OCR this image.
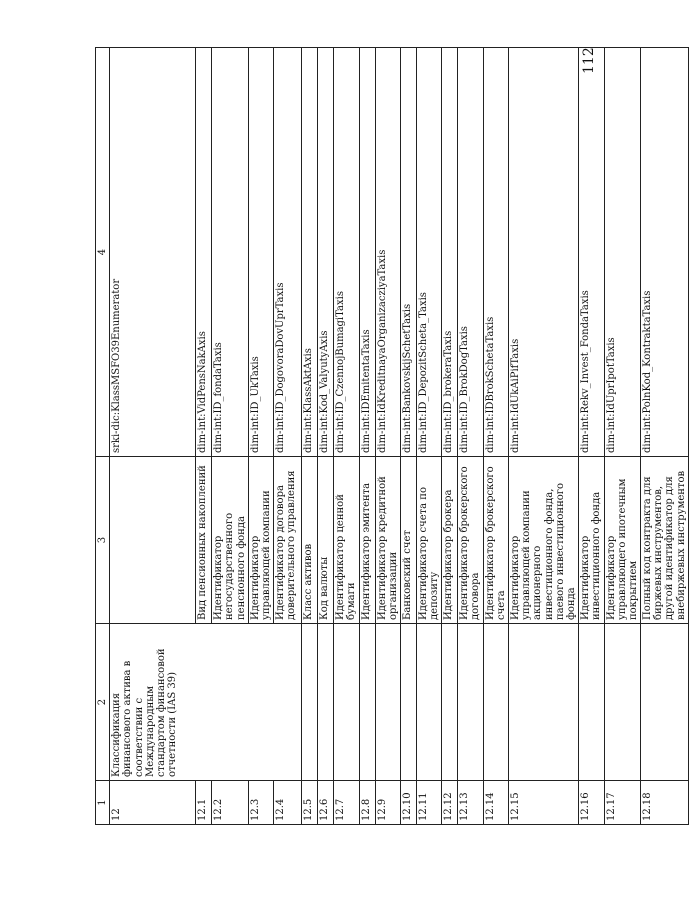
1	2	3	4
12	Классификация финансового актива в соответствии с Международным стандартом финансовой отчетности (IAS 39)		srki-dic:KlassMSFO39Enumerator
12.1		Вид пенсионных накоплений	dim-int:VidPensNakAxis
12.2		Идентификатор негосударственного пенсионного фонда	dim-int:ID_fondaTaxis
12.3		Идентификатор управляющей компании	dim-int:ID_UkTaxis
12.4		Идентификатор договора доверительного управления	dim-int:ID_DogovoraDovUprTaxis
12.5		Класс активов	dim-int:KlassAktAxis
12.6		Код валюты	dim-int:Kod_ValyutyAxis
12.7		Идентификатор ценной бумаги	dim-int:ID_CzennojBumagiTaxis
12.8		Идентификатор эмитента	dim-int:IDEmitentaTaxis
12.9		Идентификатор кредитной организации	dim-int:IdKreditnayaOrganizacziyaTaxis
12.10		Банковский счет	dim-int:BankovskijSchetTaxis
12.11		Идентификатор счета по депозиту	dim-int:ID_DepozitScheta_Taxis
12.12		Идентификатор брокера	dim-int:ID_brokeraTaxis
12.13		Идентификатор брокерского договора	dim-int:ID_BrokDogTaxis
12.14		Идентификатор брокерского счета	dim-int:IDBrokSchetaTaxis
12.15		Идентификатор управляющей компании акционерного инвестиционного фонда, паевого инвестиционного фонда	dim-int:IdUkAiPifTaxis
12.16		Идентификатор инвестиционного фонда	dim-int:Rekv_Invest_FondaTaxis
12.17		Идентификатор управляющего ипотечным покрытием	dim-int:IdUprIpotTaxis
12.18		Полный код контракта для биржевых инструментов, другой идентификатор для внебиржевых инструментов	dim-int:PolnKod_KontraktaTaxis
112
